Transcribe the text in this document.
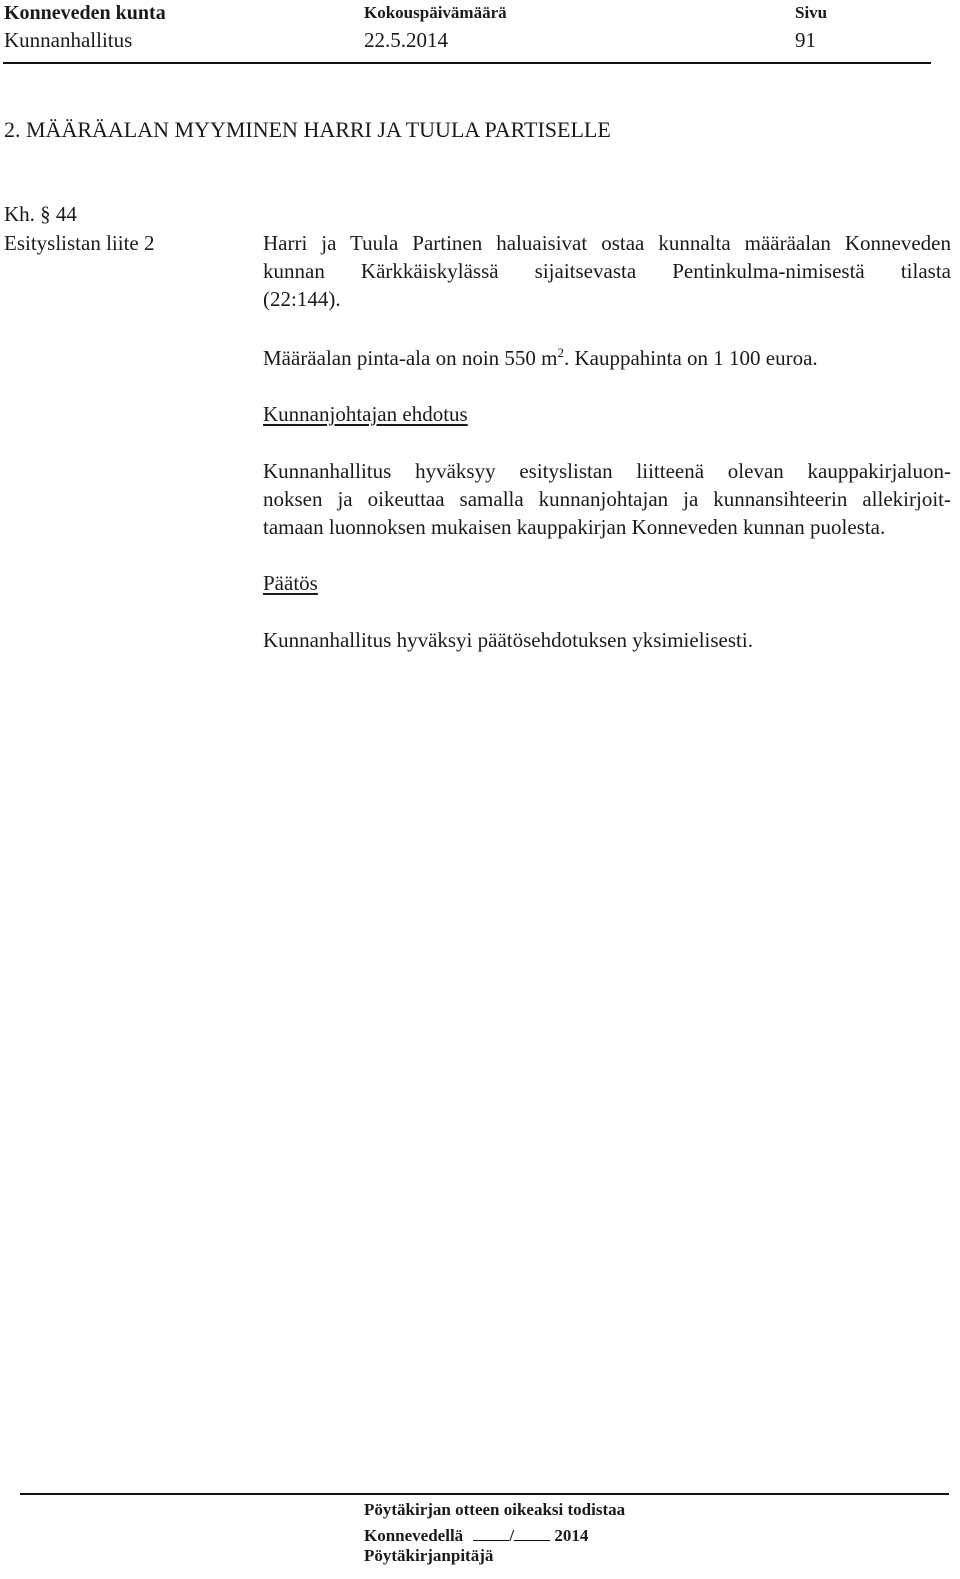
Konneveden kunta
Kunnanhallitus
Kokouspäivämäärä
22.5.2014
Sivu
91
2. MÄÄRÄALAN MYYMINEN HARRI JA TUULA PARTISELLE
Kh. § 44
Esityslistan liite 2	Harri ja Tuula Partinen haluaisivat ostaa kunnalta määräalan Konneveden
kunnan Kärkkäiskylässä sijaitsevasta Pentinkulma-nimisestä tilasta
(22:144).
Määräalan pinta-ala on noin 550 $m^2$. Kauppahinta on 1 100 euroa.
Kunnanjohtajan ehdotus
Kunnanhallitus hyväksyy esityslistan liitteenä olevan kauppakirjaluon-
noksen ja oikeuttaa samalla kunnanjohtajan ja kunnansihteerin allekirjoit-
tamaan luonnoksen mukaisen kauppakirjan Konneveden kunnan puolesta.
Päätös
Kunnanhallitus hyväksyi päätösehdotuksen yksimielisesti.
Pöytäkirjan otteen oikeaksi todistaa
Konnevedellä	/ 2014
Pöytäkirjanpitäjä
